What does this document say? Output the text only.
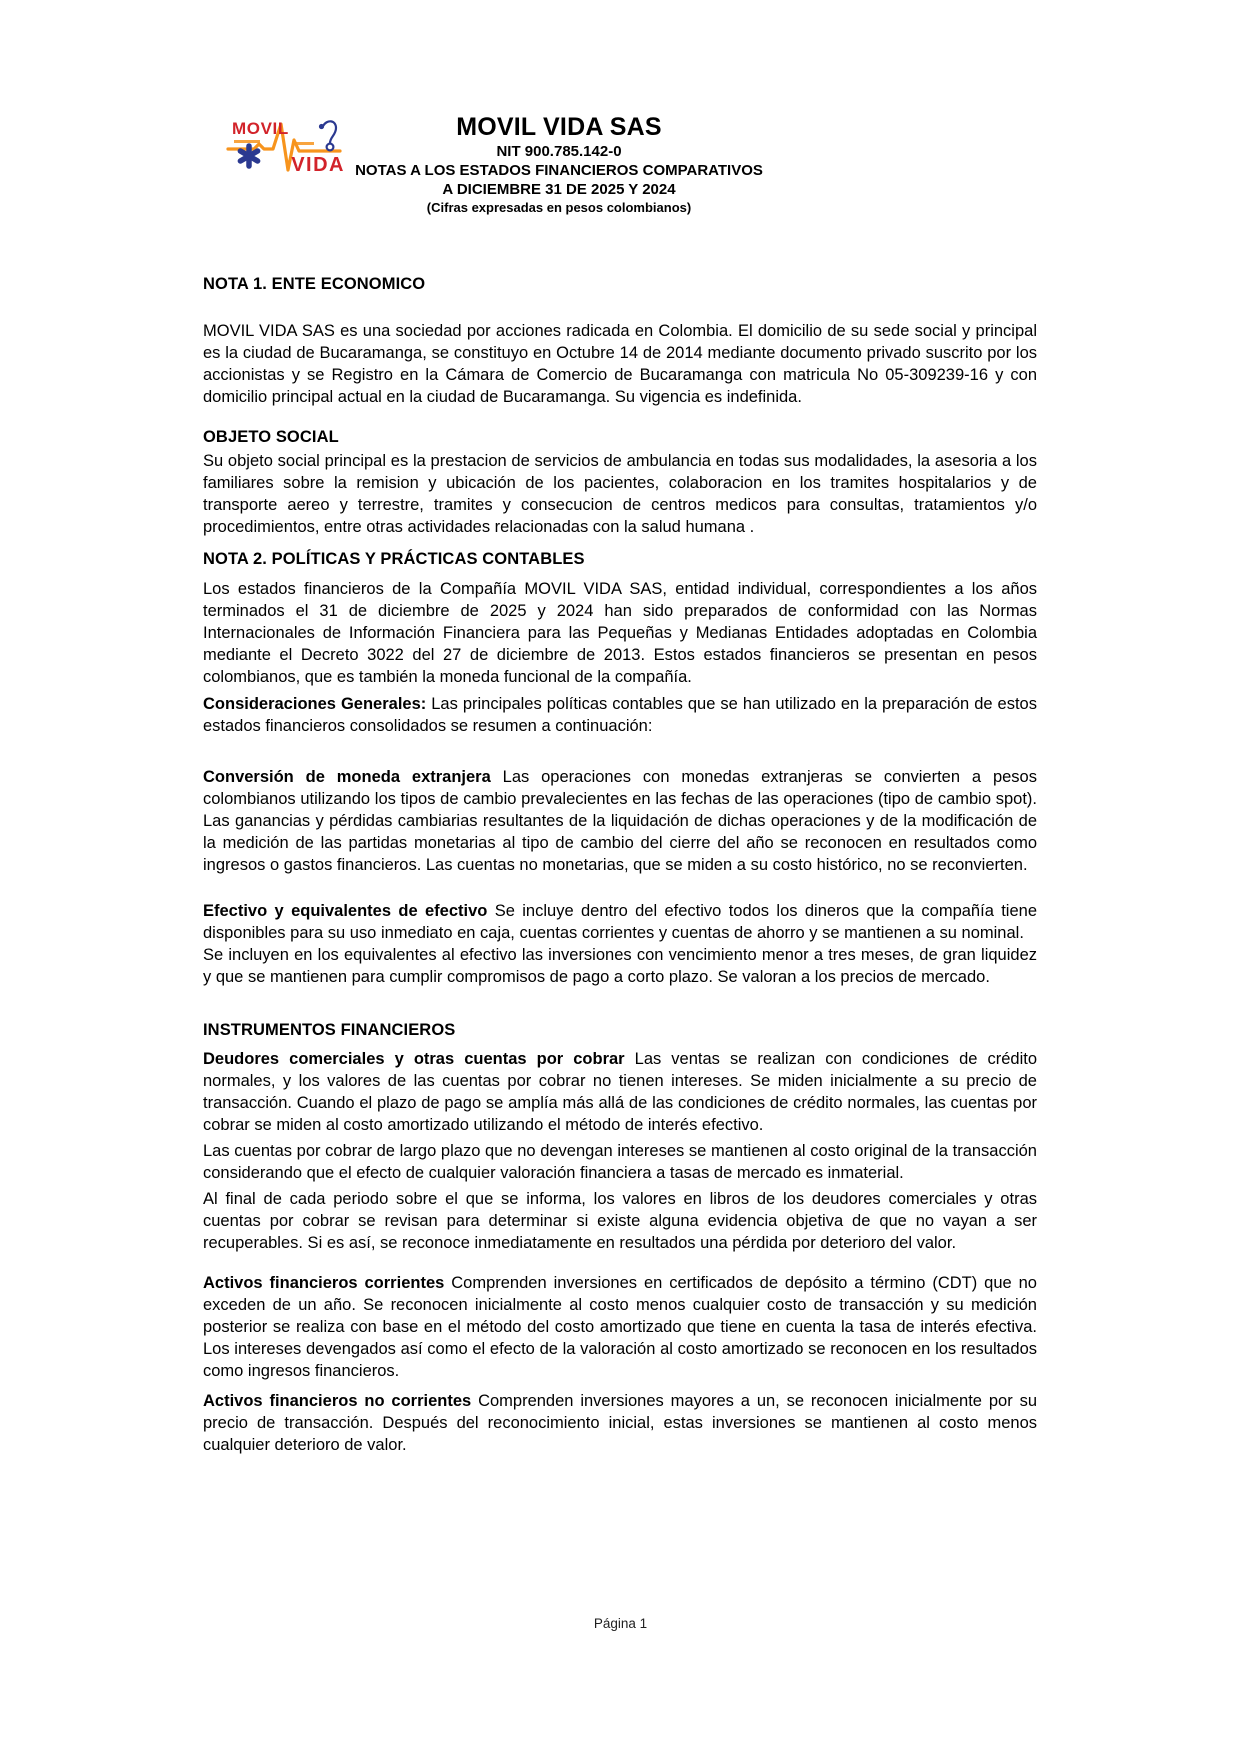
MOVIL
VIDA
MOVIL VIDA SAS
NIT 900.785.142-0
NOTAS A LOS ESTADOS FINANCIEROS COMPARATIVOS
A DICIEMBRE 31 DE 2025 Y 2024
(Cifras expresadas en pesos colombianos)
NOTA 1. ENTE ECONOMICO
MOVIL VIDA SAS es una sociedad por acciones radicada en Colombia. El domicilio de su sede social y principal es la ciudad de Bucaramanga, se constituyo en Octubre 14 de 2014 mediante documento privado suscrito por los accionistas y se Registro en la Cámara de Comercio de Bucaramanga con matricula No 05-309239-16 y con domicilio principal actual en la ciudad de Bucaramanga. Su vigencia es indefinida.
OBJETO SOCIAL
Su objeto social principal es la prestacion de servicios de ambulancia en todas sus modalidades, la asesoria a los familiares sobre la remision y ubicación de los pacientes, colaboracion en los tramites hospitalarios y de transporte aereo y terrestre, tramites y consecucion de centros medicos para consultas, tratamientos y/o procedimientos, entre otras actividades relacionadas con la salud humana .
NOTA 2. POLÍTICAS Y PRÁCTICAS CONTABLES
Los estados financieros de la Compañía MOVIL VIDA SAS, entidad individual, correspondientes a los años terminados el 31 de diciembre de 2025 y 2024 han sido preparados de conformidad con las Normas Internacionales de Información Financiera para las Pequeñas y Medianas Entidades adoptadas en Colombia mediante el Decreto 3022 del 27 de diciembre de 2013. Estos estados financieros se presentan en pesos colombianos, que es también la moneda funcional de la compañía.
Consideraciones Generales: Las principales políticas contables que se han utilizado en la preparación de estos estados financieros consolidados se resumen a continuación:
Conversión de moneda extranjera Las operaciones con monedas extranjeras se convierten a pesos colombianos utilizando los tipos de cambio prevalecientes en las fechas de las operaciones (tipo de cambio spot). Las ganancias y pérdidas cambiarias resultantes de la liquidación de dichas operaciones y de la modificación de la medición de las partidas monetarias al tipo de cambio del cierre del año se reconocen en resultados como ingresos o gastos financieros. Las cuentas no monetarias, que se miden a su costo histórico, no se reconvierten.
Efectivo y equivalentes de efectivo Se incluye dentro del efectivo todos los dineros que la compañía tiene disponibles para su uso inmediato en caja, cuentas corrientes y cuentas de ahorro y se mantienen a su nominal.
Se incluyen en los equivalentes al efectivo las inversiones con vencimiento menor a tres meses, de gran liquidez y que se mantienen para cumplir compromisos de pago a corto plazo. Se valoran a los precios de mercado.
INSTRUMENTOS FINANCIEROS
Deudores comerciales y otras cuentas por cobrar Las ventas se realizan con condiciones de crédito normales, y los valores de las cuentas por cobrar no tienen intereses. Se miden inicialmente a su precio de transacción. Cuando el plazo de pago se amplía más allá de las condiciones de crédito normales, las cuentas por cobrar se miden al costo amortizado utilizando el método de interés efectivo.
Las cuentas por cobrar de largo plazo que no devengan intereses se mantienen al costo original de la transacción considerando que el efecto de cualquier valoración financiera a tasas de mercado es inmaterial.
Al final de cada periodo sobre el que se informa, los valores en libros de los deudores comerciales y otras cuentas por cobrar se revisan para determinar si existe alguna evidencia objetiva de que no vayan a ser recuperables. Si es así, se reconoce inmediatamente en resultados una pérdida por deterioro del valor.
Activos financieros corrientes Comprenden inversiones en certificados de depósito a término (CDT) que no exceden de un año. Se reconocen inicialmente al costo menos cualquier costo de transacción y su medición posterior se realiza con base en el método del costo amortizado que tiene en cuenta la tasa de interés efectiva. Los intereses devengados así como el efecto de la valoración al costo amortizado se reconocen en los resultados como ingresos financieros.
Activos financieros no corrientes Comprenden inversiones mayores a un, se reconocen inicialmente por su precio de transacción. Después del reconocimiento inicial, estas inversiones se mantienen al costo menos cualquier deterioro de valor.
Página 1
